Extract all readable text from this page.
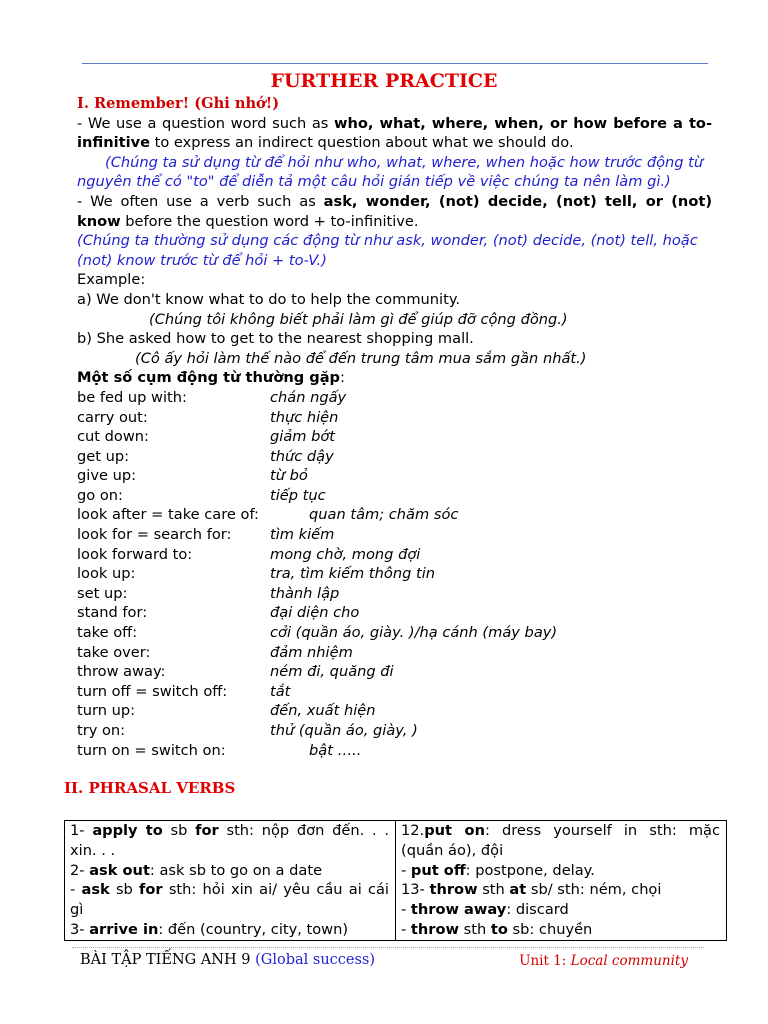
FURTHER PRACTICE

I. Remember! (Ghi nhớ!)

- We use a question word such as who, what, where, when, or how before a to-infinitive to express an indirect question about what we should do.

(Chúng ta sử dụng từ để hỏi như who, what, where, when hoặc how trước động từ nguyên thể có "to" để diễn tả một câu hỏi gián tiếp về việc chúng ta nên làm gì.)

- We often use a verb such as ask, wonder, (not) decide, (not) tell, or (not) know before the question word + to-infinitive.

(Chúng ta thường sử dụng các động từ như ask, wonder, (not) decide, (not) tell, hoặc (not) know trước từ để hỏi + to-V.)

Example:

a) We don't know what to do to help the community.

(Chúng tôi không biết phải làm gì để giúp đỡ cộng đồng.)

b) She asked how to get to the nearest shopping mall.

(Cô ấy hỏi làm thế nào để đến trung tâm mua sắm gần nhất.)

Một số cụm động từ thường gặp:

be fed up with:	chán ngấy
carry out:	thực hiện
cut down:	giảm bớt
get up:	thức dậy
give up:	từ bỏ
go on:	tiếp tục
look after = take care of:	quan tâm; chăm sóc
look for = search for:	tìm kiếm
look forward to:	mong chờ, mong đợi
look up:	tra, tìm kiếm thông tin
set up:	thành lập
stand for:	đại diện cho
take off:	cởi (quần áo, giày. )/hạ cánh (máy bay)
take over:	đảm nhiệm
throw away:	ném đi, quăng đi
turn off = switch off:	tắt
turn up:	đến, xuất hiện
try on:	thử (quần áo, giày, )
turn on = switch on:	bật …..
II. PHRASAL VERBS
1- apply to sb for sth: nộp đơn đến. . . xin. . .
2- ask out: ask sb to go on a date
- ask sb for sth: hỏi xin ai/ yêu cầu ai cái gì
3- arrive in: đến (country, city, town)

12.put on: dress yourself in sth: mặc (quần áo), đội
- put off: postpone, delay.
13- throw sth at sb/ sth: ném, chọi
- throw away: discard
- throw sth to sb: chuyền
BÀI TẬP TIẾNG ANH 9 (Global success)	Unit 1: Local community
